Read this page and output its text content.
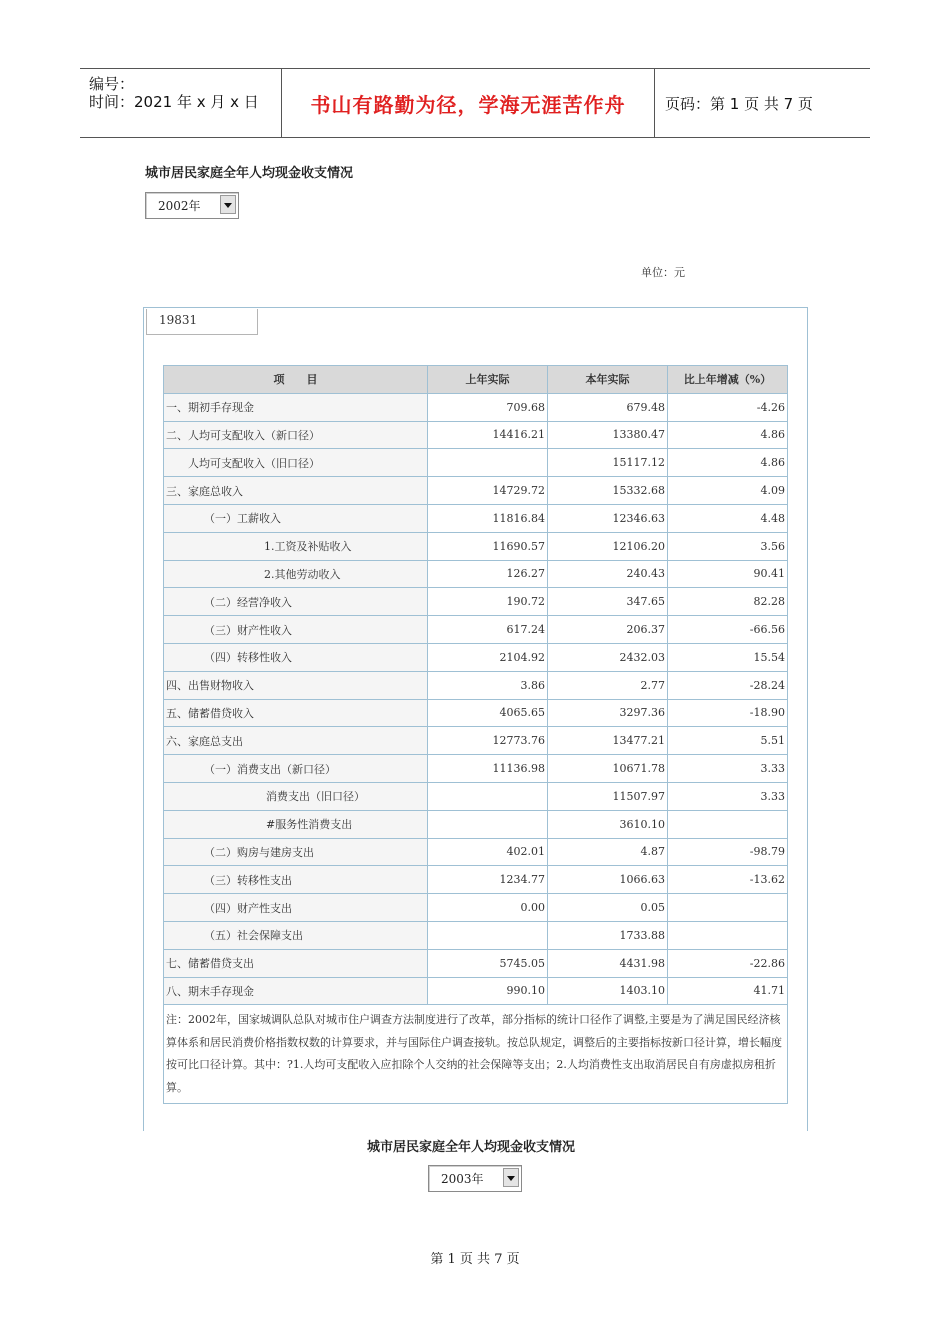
编号：
时间：2021 年 x 月 x 日	书山有路勤为径，学海无涯苦作舟	页码：第 1 页 共 7 页
城市居民家庭全年人均现金收支情况
2002年
单位：元
19831
项　　目	上年实际	本年实际	比上年增减（%）
一、期初手存现金	709.68	679.48	-4.26
二、人均可支配收入（新口径）	14416.21	13380.47	4.86
人均可支配收入（旧口径）		15117.12	4.86
三、家庭总收入	14729.72	15332.68	4.09
（一）工薪收入	11816.84	12346.63	4.48
1.工资及补贴收入	11690.57	12106.20	3.56
2.其他劳动收入	126.27	240.43	90.41
（二）经营净收入	190.72	347.65	82.28
（三）财产性收入	617.24	206.37	-66.56
（四）转移性收入	2104.92	2432.03	15.54
四、出售财物收入	3.86	2.77	-28.24
五、储蓄借贷收入	4065.65	3297.36	-18.90
六、家庭总支出	12773.76	13477.21	5.51
（一）消费支出（新口径）	11136.98	10671.78	3.33
消费支出（旧口径）		11507.97	3.33
#服务性消费支出		3610.10	
（二）购房与建房支出	402.01	4.87	-98.79
（三）转移性支出	1234.77	1066.63	-13.62
（四）财产性支出	0.00	0.05	
（五）社会保障支出		1733.88	
七、储蓄借贷支出	5745.05	4431.98	-22.86
八、期末手存现金	990.10	1403.10	41.71
注：2002年，国家城调队总队对城市住户调查方法制度进行了改革，部分指标的统计口径作了调整,主要是为了满足国民经济核算体系和居民消费价格指数权数的计算要求，并与国际住户调查接轨。按总队规定，调整后的主要指标按新口径计算，增长幅度按可比口径计算。其中：?1.人均可支配收入应扣除个人交纳的社会保障等支出；2.人均消费性支出取消居民自有房虚拟房租折算。			
城市居民家庭全年人均现金收支情况
2003年
第 1 页 共 7 页
